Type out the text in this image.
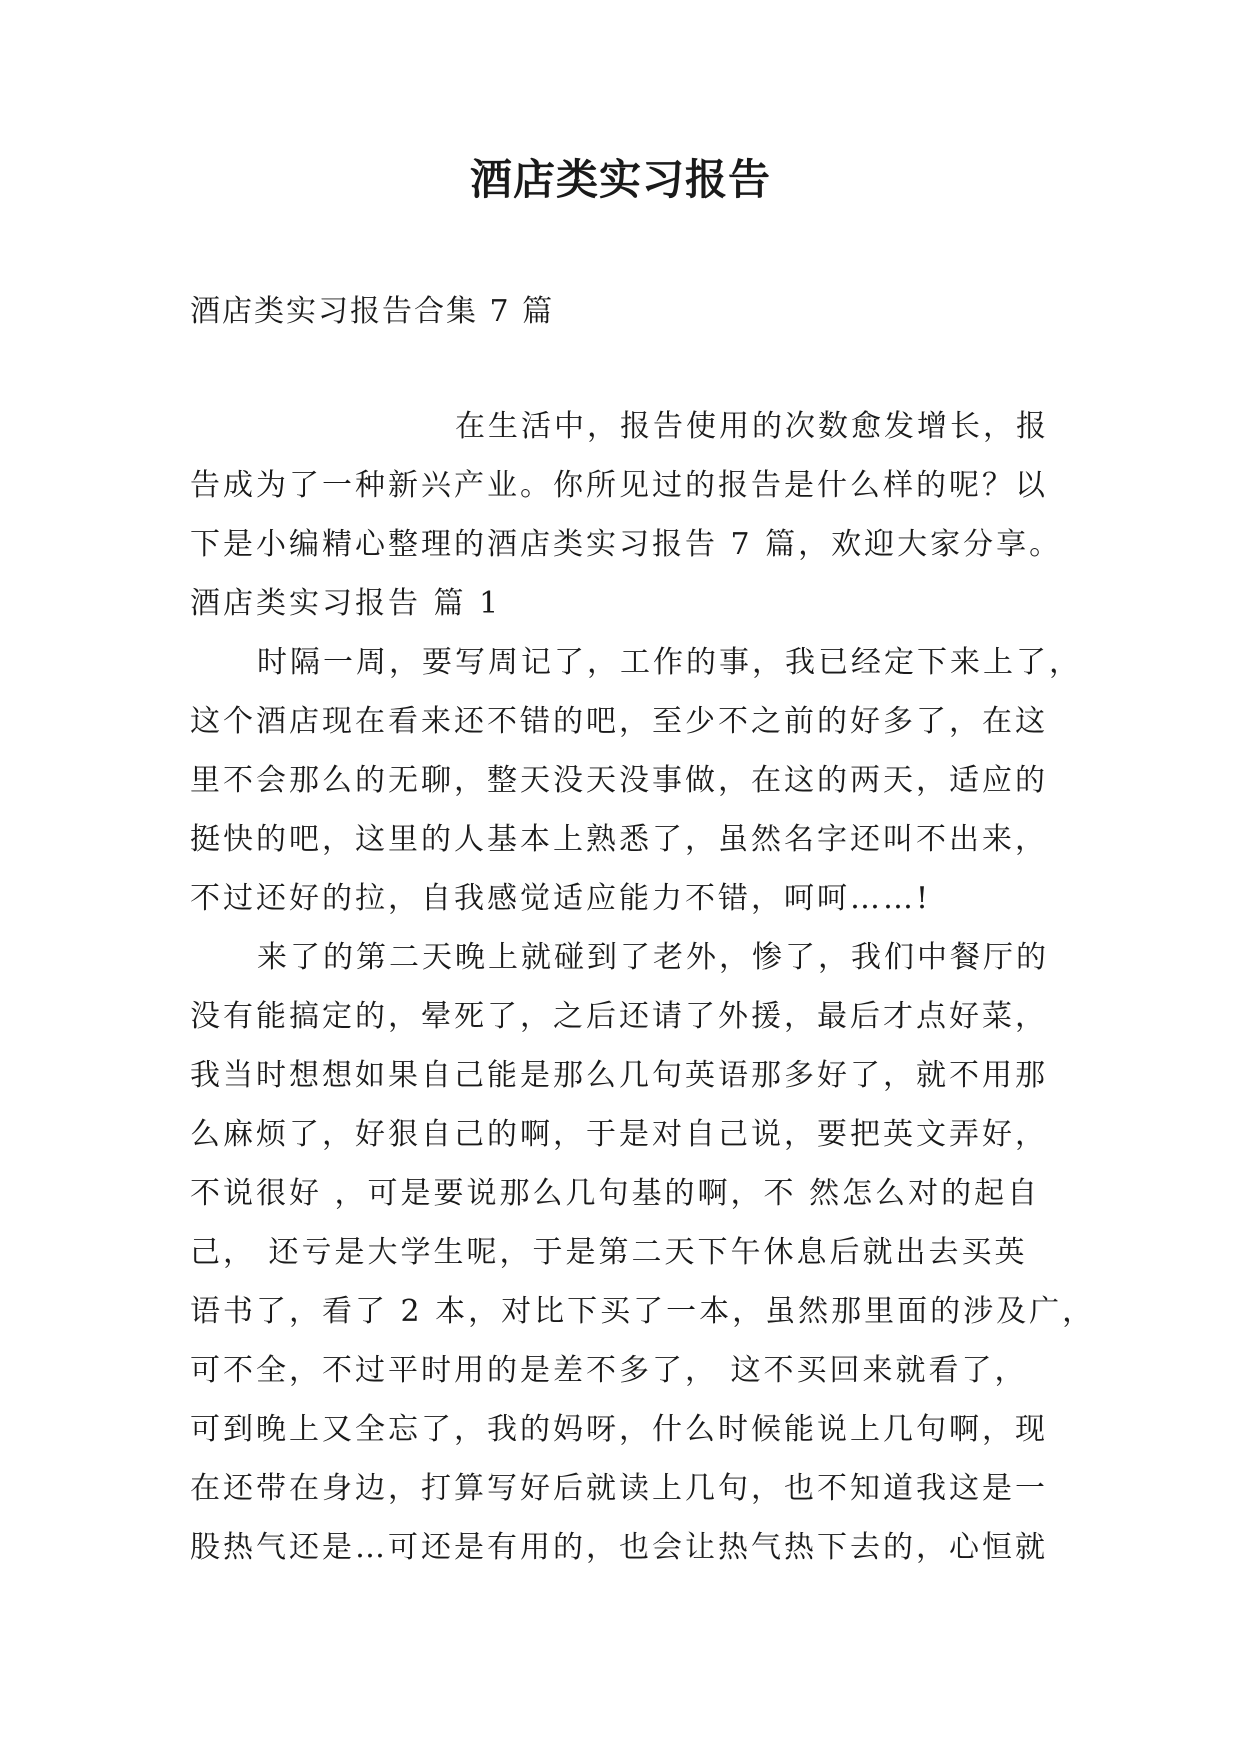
酒店类实习报告
酒店类实习报告合集 7 篇
在生活中，报告使用的次数愈发增长，报
告成为了一种新兴产业。你所见过的报告是什么样的呢？以
下是小编精心整理的酒店类实习报告 7 篇，欢迎大家分享。
酒店类实习报告 篇 1
时隔一周，要写周记了，工作的事，我已经定下来上了，
这个酒店现在看来还不错的吧，至少不之前的好多了，在这
里不会那么的无聊，整天没天没事做，在这的两天，适应的
挺快的吧，这里的人基本上熟悉了，虽然名字还叫不出来，
不过还好的拉，自我感觉适应能力不错，呵呵……!
来了的第二天晚上就碰到了老外，惨了，我们中餐厅的
没有能搞定的，晕死了，之后还请了外援，最后才点好菜，
我当时想想如果自己能是那么几句英语那多好了，就不用那
么麻烦了，好狠自己的啊，于是对自己说，要把英文弄好，
不说很好 ，可是要说那么几句基的啊，不 然怎么对的起自
己， 还亏是大学生呢，于是第二天下午休息后就出去买英
语书了，看了 2 本，对比下买了一本，虽然那里面的涉及广，
可不全，不过平时用的是差不多了， 这不买回来就看了，
可到晚上又全忘了，我的妈呀，什么时候能说上几句啊，现
在还带在身边，打算写好后就读上几句，也不知道我这是一
股热气还是…可还是有用的，也会让热气热下去的，心恒就
